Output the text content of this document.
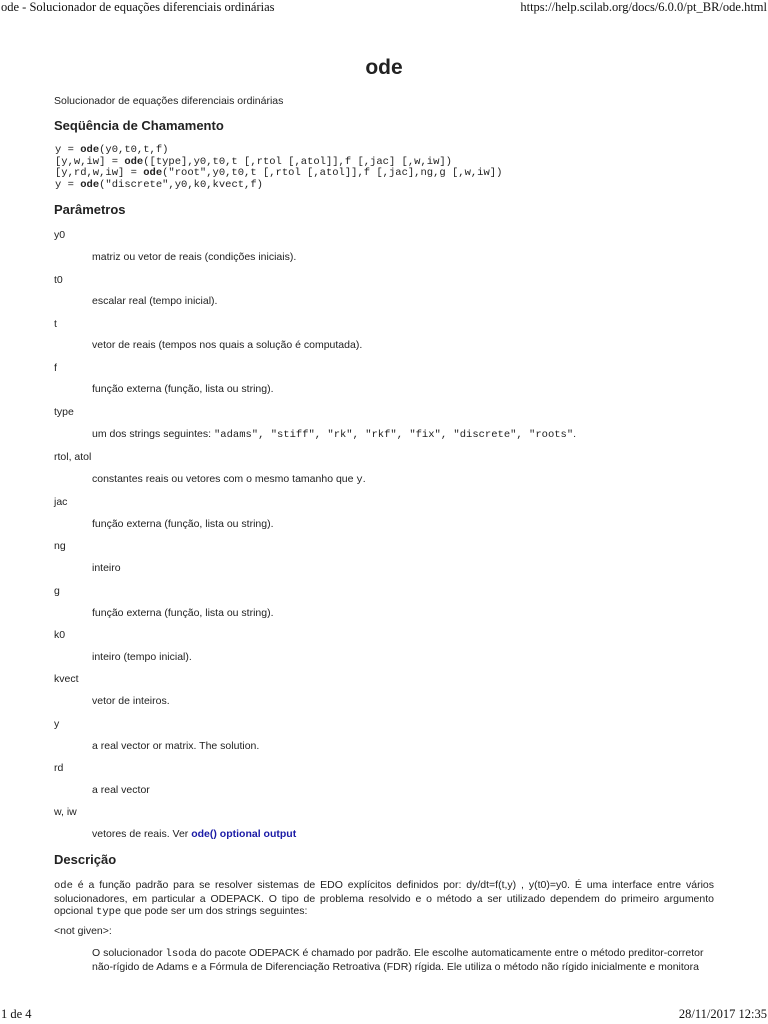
ode - Solucionador de equações diferenciais ordinárias	https://help.scilab.org/docs/6.0.0/pt_BR/ode.html
ode
Solucionador de equações diferenciais ordinárias
Seqüência de Chamamento
y = ode(y0,t0,t,f)
[y,w,iw] = ode([type],y0,t0,t [,rtol [,atol]],f [,jac] [,w,iw])
[y,rd,w,iw] = ode("root",y0,t0,t [,rtol [,atol]],f [,jac],ng,g [,w,iw])
y = ode("discrete",y0,k0,kvect,f)
Parâmetros
y0
matriz ou vetor de reais (condições iniciais).
t0
escalar real (tempo inicial).
t
vetor de reais (tempos nos quais a solução é computada).
f
função externa (função, lista ou string).
type
um dos strings seguintes: "adams", "stiff", "rk", "rkf", "fix", "discrete", "roots".
rtol, atol
constantes reais ou vetores com o mesmo tamanho que y.
jac
função externa (função, lista ou string).
ng
inteiro
g
função externa (função, lista ou string).
k0
inteiro (tempo inicial).
kvect
vetor de inteiros.
y
a real vector or matrix. The solution.
rd
a real vector
w, iw
vetores de reais. Ver ode() optional output
Descrição

ode é a função padrão para se resolver sistemas de EDO explícitos definidos por: dy/dt=f(t,y) , y(t0)=y0. É uma interface entre vários solucionadores, em particular a ODEPACK. O tipo de problema resolvido e o método a ser utilizado dependem do primeiro argumento opcional type que pode ser um dos strings seguintes:

<not given>:

O solucionador lsoda do pacote ODEPACK é chamado por padrão. Ele escolhe automaticamente entre o método preditor-corretor não-rígido de Adams e a Fórmula de Diferenciação Retroativa (FDR) rígida. Ele utiliza o método não rígido inicialmente e monitora

1 de 4	28/11/2017 12:35
